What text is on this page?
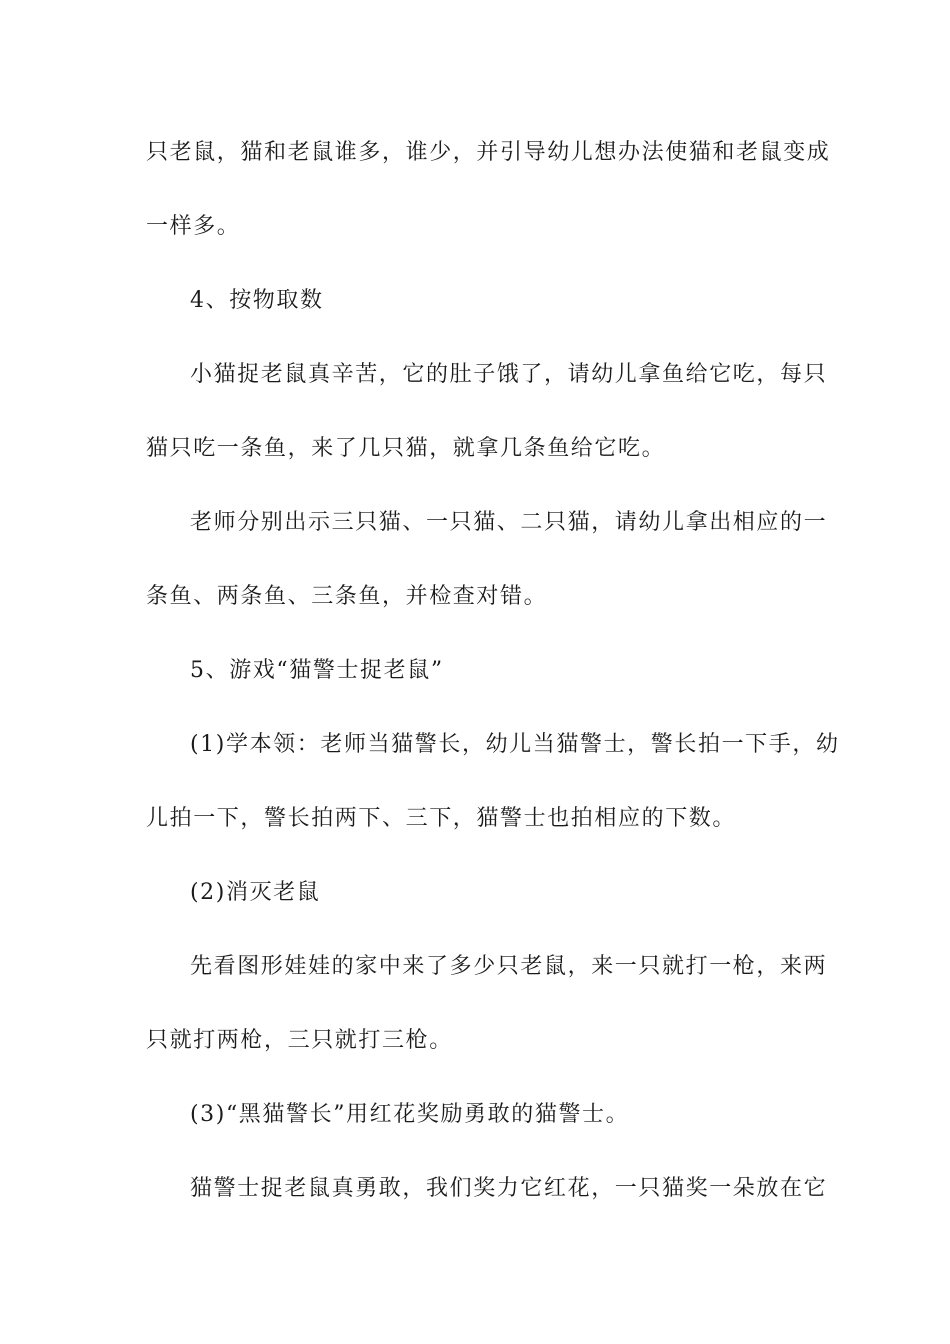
只老鼠，猫和老鼠谁多，谁少，并引导幼儿想办法使猫和老鼠变成
一样多。
4、按物取数
小猫捉老鼠真辛苦，它的肚子饿了，请幼儿拿鱼给它吃，每只
猫只吃一条鱼，来了几只猫，就拿几条鱼给它吃。
老师分别出示三只猫、一只猫、二只猫，请幼儿拿出相应的一
条鱼、两条鱼、三条鱼，并检查对错。
5、游戏“猫警士捉老鼠”
(1)学本领：老师当猫警长，幼儿当猫警士，警长拍一下手，幼
儿拍一下，警长拍两下、三下，猫警士也拍相应的下数。
(2)消灭老鼠
先看图形娃娃的家中来了多少只老鼠，来一只就打一枪，来两
只就打两枪，三只就打三枪。
(3)“黑猫警长”用红花奖励勇敢的猫警士。
猫警士捉老鼠真勇敢，我们奖力它红花，一只猫奖一朵放在它
